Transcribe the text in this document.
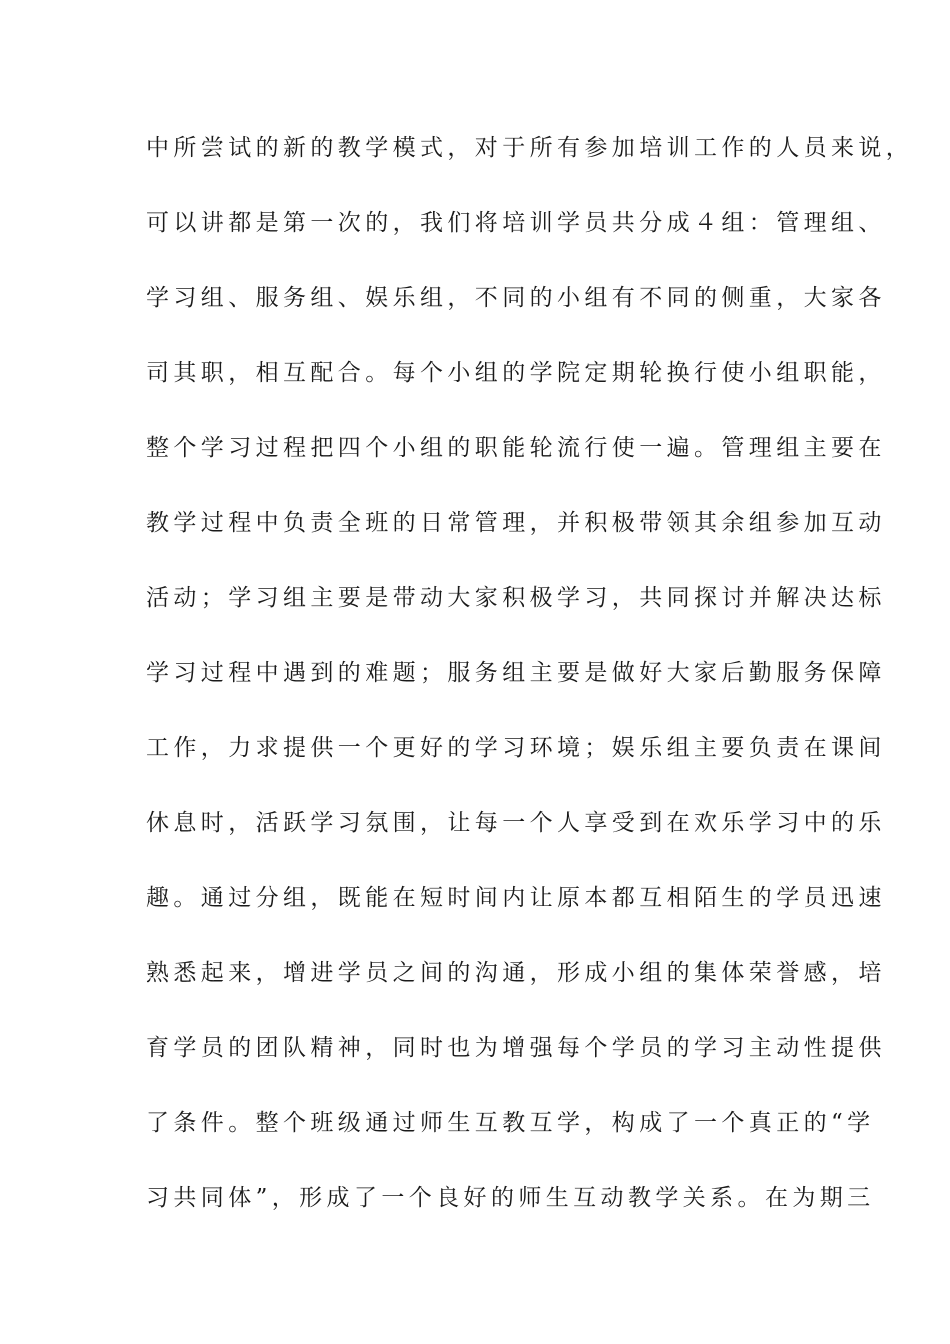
中所尝试的新的教学模式，对于所有参加培训工作的人员来说，
可以讲都是第一次的，我们将培训学员共分成４组：管理组、
学习组、服务组、娱乐组，不同的小组有不同的侧重，大家各
司其职，相互配合。每个小组的学院定期轮换行使小组职能，
整个学习过程把四个小组的职能轮流行使一遍。管理组主要在
教学过程中负责全班的日常管理，并积极带领其余组参加互动
活动；学习组主要是带动大家积极学习，共同探讨并解决达标
学习过程中遇到的难题；服务组主要是做好大家后勤服务保障
工作，力求提供一个更好的学习环境；娱乐组主要负责在课间
休息时，活跃学习氛围，让每一个人享受到在欢乐学习中的乐
趣。通过分组，既能在短时间内让原本都互相陌生的学员迅速
熟悉起来，增进学员之间的沟通，形成小组的集体荣誉感，培
育学员的团队精神，同时也为增强每个学员的学习主动性提供
了条件。整个班级通过师生互教互学，构成了一个真正的“学
习共同体”，形成了一个良好的师生互动教学关系。在为期三
